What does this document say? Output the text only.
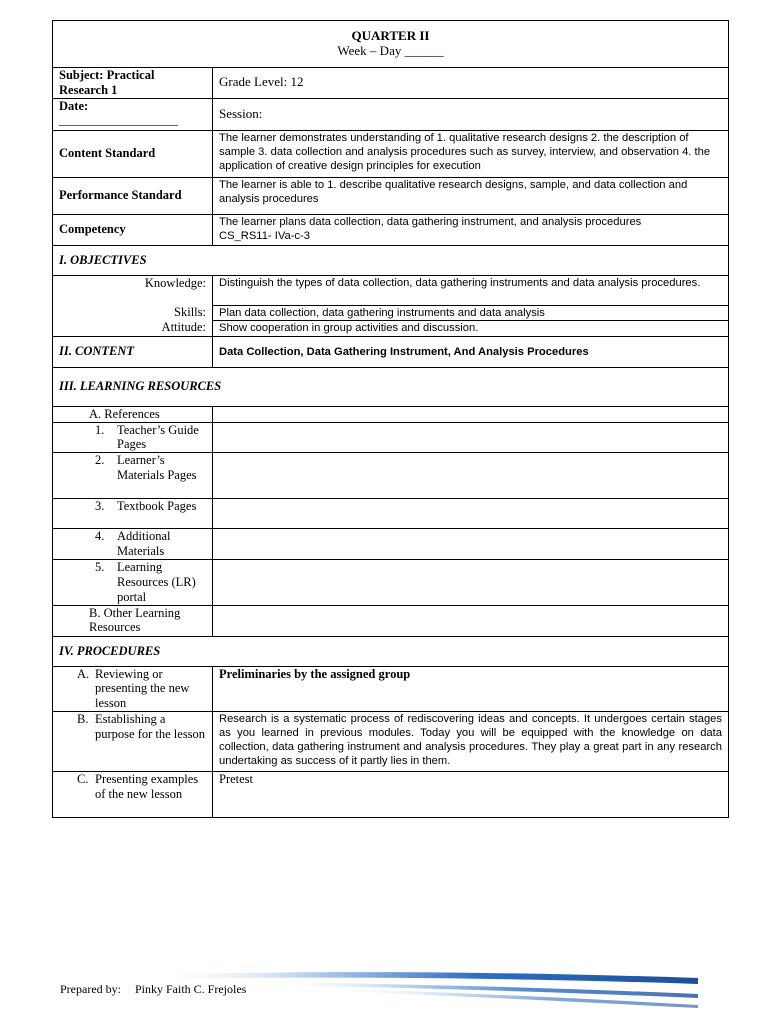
QUARTER II
Week – Day ______	

Subject: Practical Research 1	Grade Level: 12

Date:
___________________	Session:
Content Standard	The learner demonstrates understanding of 1. qualitative research designs 2. the description of sample 3. data collection and analysis procedures such as survey, interview, and observation 4. the application of creative design principles for execution
Performance Standard	The learner is able to 1. describe qualitative research designs, sample, and data collection and analysis procedures
Competency	The learner plans data collection, data gathering instrument, and analysis procedures
CS_RS11- IVa-c-3

I. OBJECTIVES	
Knowledge:	Distinguish the types of data collection, data gathering instruments and data analysis procedures.
Skills:	Plan data collection, data gathering instruments and data analysis
Attitude:	Show cooperation in group activities and discussion.
II. CONTENT	Data Collection, Data Gathering Instrument, And Analysis Procedures
III. LEARNING RESOURCES	
A. References	

1. Teacher’s Guide Pages	

2. Learner’s Materials Pages	

3. Textbook Pages	

4. Additional Materials	

5. Learning Resources (LR) portal	

B. Other Learning Resources	
IV. PROCEDURES	

A. Reviewing or presenting the new lesson	Preliminaries by the assigned group

B. Establishing a purpose for the lesson	Research is a systematic process of rediscovering ideas and concepts. It undergoes certain stages as you learned in previous modules. Today you will be equipped with the knowledge on data collection, data gathering instrument and analysis procedures. They play a great part in any research undertaking as success of it partly lies in them.

C. Presenting examples of the new lesson	Pretest
Prepared by: Pinky Faith C. Frejoles
